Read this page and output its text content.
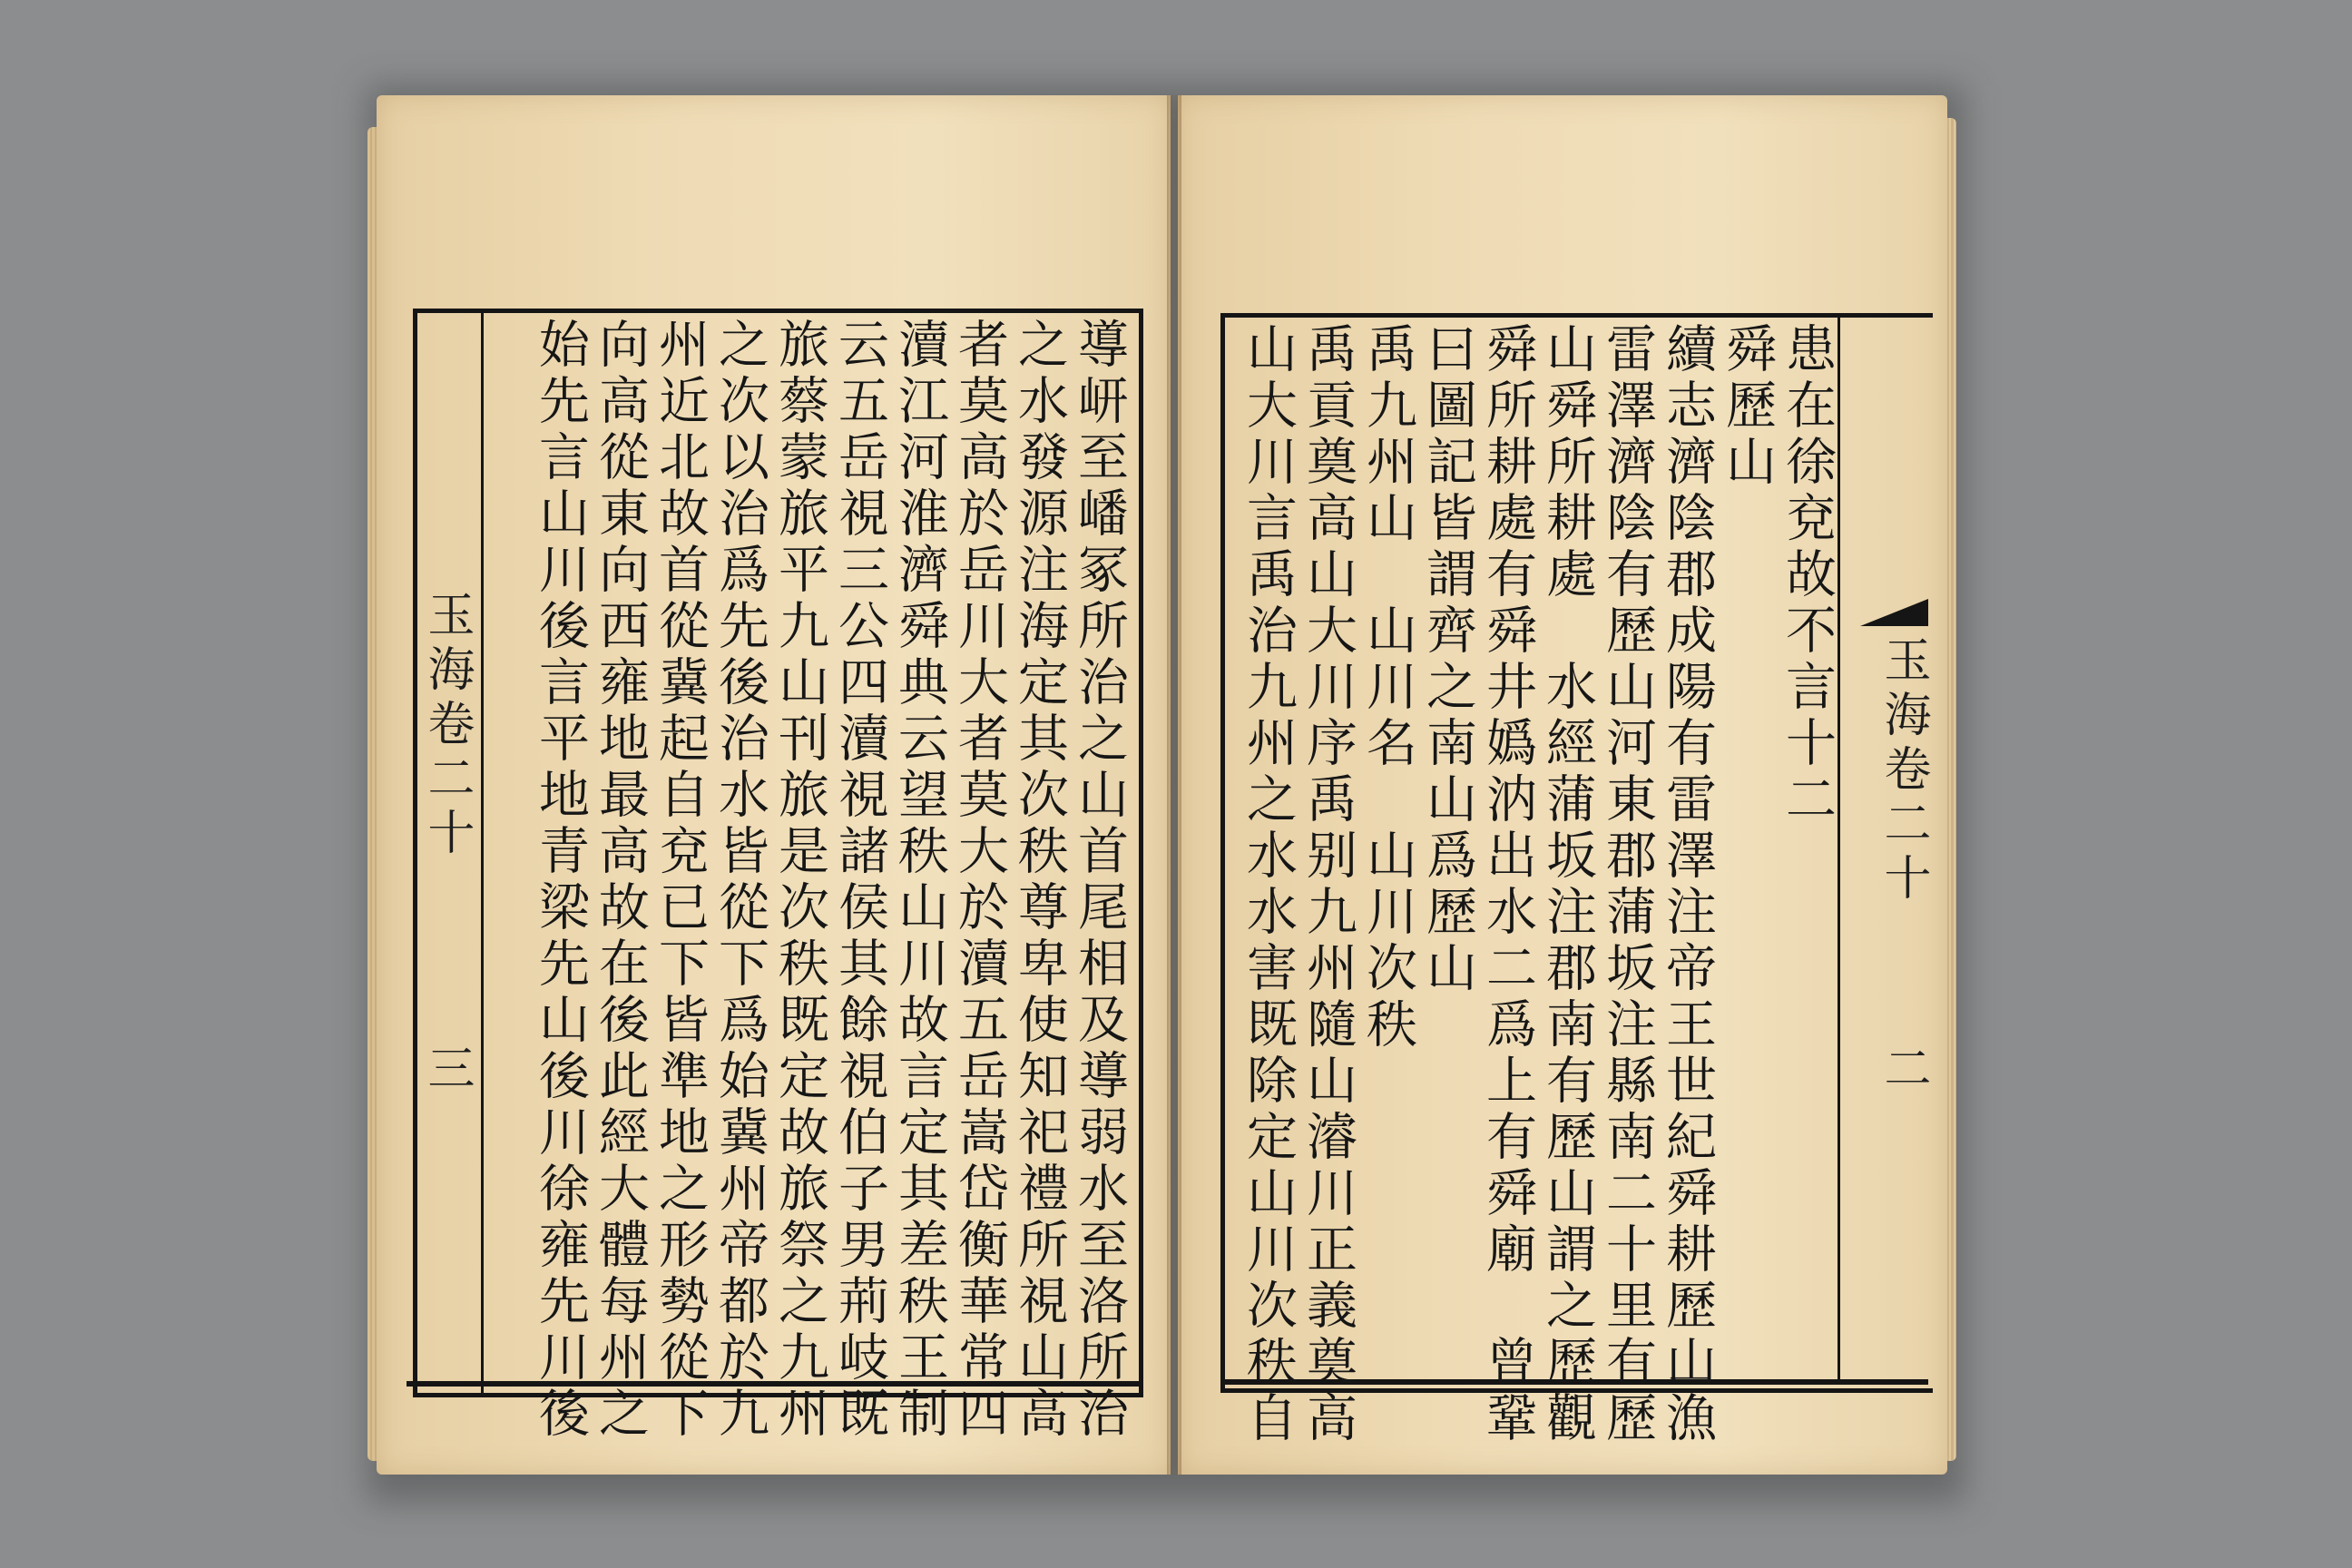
玉海卷二十
三	導岍至嶓冢所治之山首尾相及導弱水至洛所治
之水發源注海定其次秩尊卑使知祀禮所視山高
者莫高於岳川大者莫大於瀆五岳嵩岱衡華常四
瀆江河淮濟舜典云望秩山川故言定其差秩王制
云五岳視三公四瀆視諸侯其餘視伯子男荊岐既
旅蔡蒙旅平九山刊旅是次秩既定故旅祭之九州
之次以治爲先後治水皆從下爲始冀州帝都於九
州近北故首從冀起自兗已下皆準地之形勢從下
向高從東向西雍地最高故在後此經大體每州之
始先言山川後言平地青梁先山後川徐雍先川後	玉海卷二十
二
患在徐兗故不言十二
舜歷山
續志濟陰郡成陽有雷澤注帝王世紀舜耕歷山漁
雷澤濟陰有歷山河東郡蒲坂注縣南二十里有歷
山舜所耕處　水經蒲坂注郡南有歷山謂之歷觀
舜所耕處有舜井嬀汭出水二爲上有舜廟　曾鞏
曰圖記皆謂齊之南山爲歷山
禹九州山　山川名　山川次秩
禹貢奠高山大川序禹别九州隨山濬川正義奠高
山大川言禹治九州之水水害既除定山川次秩自
